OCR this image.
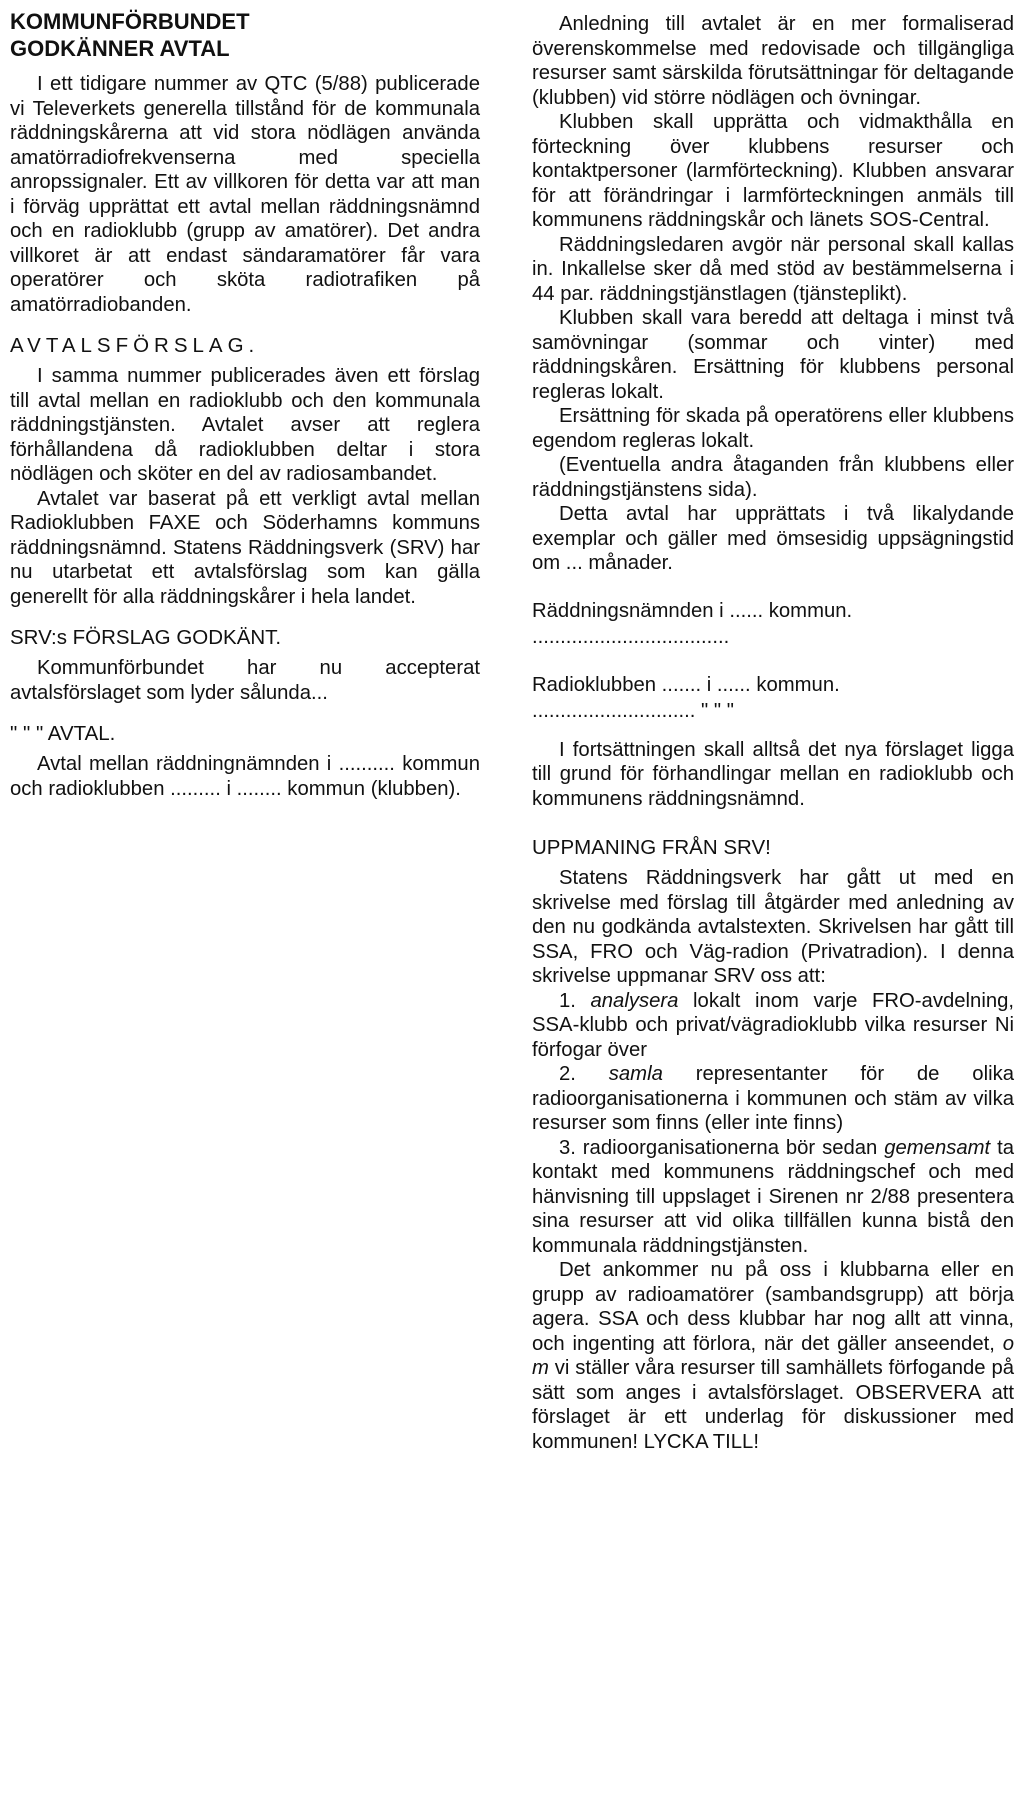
KOMMUNFÖRBUNDET
GODKÄNNER AVTAL

I ett tidigare nummer av QTC (5/88) publicerade vi Televerkets generella tillstånd för de kommunala räddningskårerna att vid stora nödlägen använda amatörradiofrekvenserna med speciella anropssignaler. Ett av villkoren för detta var att man i förväg upprättat ett avtal mellan räddningsnämnd och en radioklubb (grupp av amatörer). Det andra villkoret är att endast sändaramatörer får vara operatörer och sköta radiotrafiken på amatörradiobanden.

AVTALSFÖRSLAG.

I samma nummer publicerades även ett förslag till avtal mellan en radioklubb och den kommunala räddningstjänsten. Avtalet avser att reglera förhållandena då radioklubben deltar i stora nödlägen och sköter en del av radiosambandet.

Avtalet var baserat på ett verkligt avtal mellan Radioklubben FAXE och Söderhamns kommuns räddningsnämnd. Statens Räddningsverk (SRV) har nu utarbetat ett avtalsförslag som kan gälla generellt för alla räddningskårer i hela landet.

SRV:s FÖRSLAG GODKÄNT.

Kommunförbundet har nu accepterat avtalsförslaget som lyder sålunda...

" " " AVTAL.

Avtal mellan räddningnämnden i .......... kommun och radioklubben ......... i ........ kommun (klubben).

Anledning till avtalet är en mer formaliserad överenskommelse med redovisade och tillgängliga resurser samt särskilda förutsättningar för deltagande (klubben) vid större nödlägen och övningar.

Klubben skall upprätta och vidmakthålla en förteckning över klubbens resurser och kontaktpersoner (larmförteckning). Klubben ansvarar för att förändringar i larmförteckningen anmäls till kommunens räddningskår och länets SOS-Central.

Räddningsledaren avgör när personal skall kallas in. Inkallelse sker då med stöd av bestämmelserna i 44 par. räddningstjänstlagen (tjänsteplikt).

Klubben skall vara beredd att deltaga i minst två samövningar (sommar och vinter) med räddningskåren. Ersättning för klubbens personal regleras lokalt.

Ersättning för skada på operatörens eller klubbens egendom regleras lokalt.

(Eventuella andra åtaganden från klubbens eller räddningstjänstens sida).

Detta avtal har upprättats i två likalydande exemplar och gäller med ömsesidig uppsägningstid om ... månader.

Räddningsnämnden i ...... kommun.
...................................
Radioklubben ....... i ...... kommun.
............................. " " "

I fortsättningen skall alltså det nya förslaget ligga till grund för förhandlingar mellan en radioklubb och kommunens räddningsnämnd.

UPPMANING FRÅN SRV!

Statens Räddningsverk har gått ut med en skrivelse med förslag till åtgärder med anledning av den nu godkända avtalstexten. Skrivelsen har gått till SSA, FRO och Väg-radion (Privatradion). I denna skrivelse uppmanar SRV oss att:

1. analysera lokalt inom varje FRO-avdelning, SSA-klubb och privat/vägradioklubb vilka resurser Ni förfogar över

2. samla representanter för de olika radioorganisationerna i kommunen och stäm av vilka resurser som finns (eller inte finns)

3. radioorganisationerna bör sedan gemensamt ta kontakt med kommunens räddningschef och med hänvisning till uppslaget i Sirenen nr 2/88 presentera sina resurser att vid olika tillfällen kunna bistå den kommunala räddningstjänsten.

Det ankommer nu på oss i klubbarna eller en grupp av radioamatörer (sambandsgrupp) att börja agera. SSA och dess klubbar har nog allt att vinna, och ingenting att förlora, när det gäller anseendet, o m vi ställer våra resurser till samhällets förfogande på sätt som anges i avtalsförslaget. OBSERVERA att förslaget är ett underlag för diskussioner med kommunen! LYCKA TILL!
